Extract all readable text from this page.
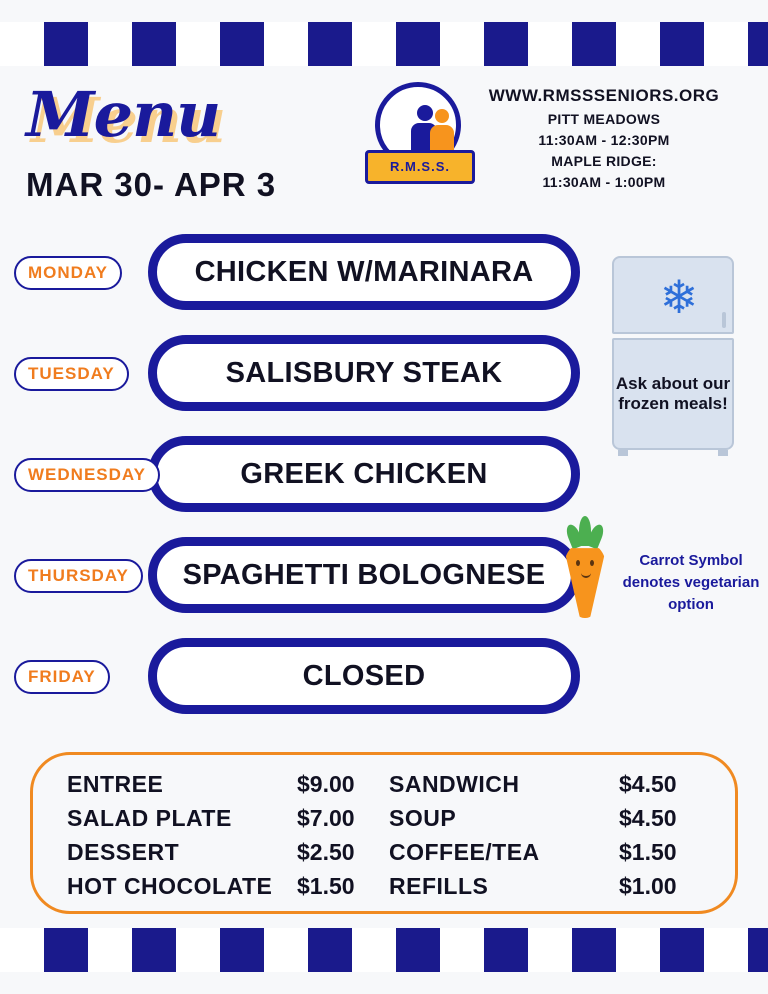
Menu
MAR 30- APR 3	R.M.S.S.
WWW.RMSSSENIORS.ORG
PITT MEADOWS
11:30AM - 12:30PM
MAPLE RIDGE:
11:30AM - 1:00PM
CHICKEN W/MARINARA
MONDAY
SALISBURY STEAK
TUESDAY
GREEK CHICKEN
WEDNESDAY
SPAGHETTI BOLOGNESE
THURSDAY
CLOSED
FRIDAY
❄
Ask about our frozen meals!
Carrot Symbol denotes vegetarian option
ENTREE	$9.00
SALAD PLATE	$7.00
DESSERT	$2.50
HOT CHOCOLATE	$1.50
SANDWICH	$4.50
SOUP	$4.50
COFFEE/TEA	$1.50
REFILLS	$1.00
